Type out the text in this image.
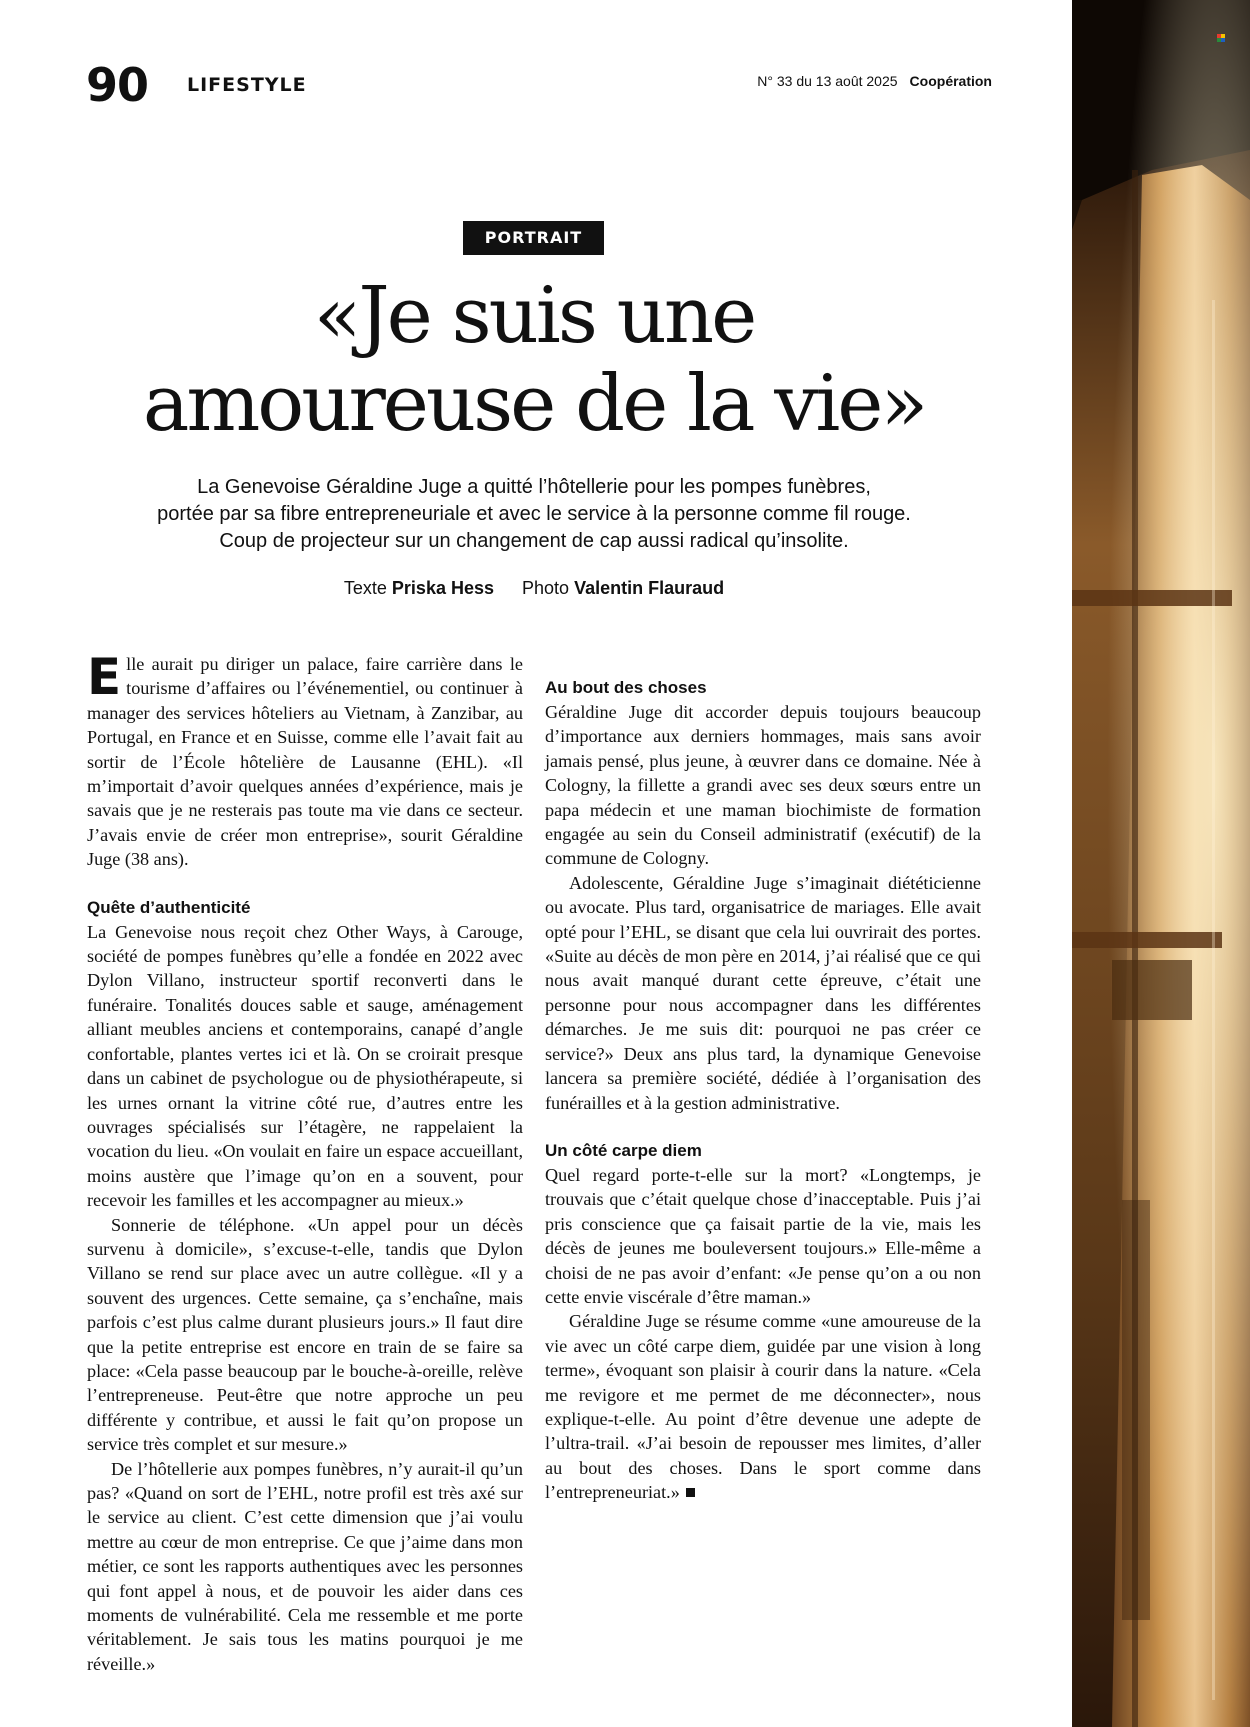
90 LIFESTYLE	N° 33 du 13 août 2025 Coopération
PORTRAIT
«Je suis une
amoureuse de la vie»

La Genevoise Géraldine Juge a quitté l’hôtellerie pour les pompes funèbres,
portée par sa fibre entrepreneuriale et avec le service à la personne comme fil rouge.
Coup de projecteur sur un changement de cap aussi radical qu’insolite.

Texte Priska Hess Photo Valentin Flauraud

Elle aurait pu diriger un palace, faire carrière dans le tourisme d’affaires ou l’événementiel, ou continuer à manager des services hôteliers au Vietnam, à Zanzibar, au Portugal, en France et en Suisse, comme elle l’avait fait au sortir de l’École hôtelière de Lausanne (EHL). «Il m’importait d’avoir quelques années d’expérience, mais je savais que je ne resterais pas toute ma vie dans ce secteur. J’avais envie de créer mon entreprise», sourit Géraldine Juge (38 ans).

Quête d’authenticité

La Genevoise nous reçoit chez Other Ways, à Carouge, société de pompes funèbres qu’elle a fondée en 2022 avec Dylon Villano, instructeur sportif reconverti dans le funéraire. Tonalités douces sable et sauge, aménagement alliant meubles anciens et contemporains, canapé d’angle confortable, plantes vertes ici et là. On se croirait presque dans un cabinet de psychologue ou de physiothérapeute, si les urnes ornant la vitrine côté rue, d’autres entre les ouvrages spécialisés sur l’étagère, ne rappelaient la vocation du lieu. «On voulait en faire un espace accueillant, moins austère que l’image qu’on en a souvent, pour recevoir les familles et les accompagner au mieux.»

Sonnerie de téléphone. «Un appel pour un décès survenu à domicile», s’excuse-t-elle, tandis que Dylon Villano se rend sur place avec un autre collègue. «Il y a souvent des urgences. Cette semaine, ça s’enchaîne, mais parfois c’est plus calme durant plusieurs jours.» Il faut dire que la petite entreprise est encore en train de se faire sa place: «Cela passe beaucoup par le bouche-à-oreille, relève l’entrepreneuse. Peut-être que notre approche un peu différente y contribue, et aussi le fait qu’on propose un service très complet et sur mesure.»

De l’hôtellerie aux pompes funèbres, n’y aurait-il qu’un pas? «Quand on sort de l’EHL, notre profil est très axé sur le service au client. C’est cette dimension que j’ai voulu mettre au cœur de mon entreprise. Ce que j’aime dans mon métier, ce sont les rapports authentiques avec les personnes qui font appel à nous, et de pouvoir les aider dans ces moments de vulnérabilité. Cela me ressemble et me porte véritablement. Je sais tous les matins pourquoi je me réveille.»

Au bout des choses

Géraldine Juge dit accorder depuis toujours beaucoup d’importance aux derniers hommages, mais sans avoir jamais pensé, plus jeune, à œuvrer dans ce domaine. Née à Cologny, la fillette a grandi avec ses deux sœurs entre un papa médecin et une maman biochimiste de formation engagée au sein du Conseil administratif (exécutif) de la commune de Cologny.

Adolescente, Géraldine Juge s’imaginait diététicienne ou avocate. Plus tard, organisatrice de mariages. Elle avait opté pour l’EHL, se disant que cela lui ouvrirait des portes. «Suite au décès de mon père en 2014, j’ai réalisé que ce qui nous avait manqué durant cette épreuve, c’était une personne pour nous accompagner dans les différentes démarches. Je me suis dit: pourquoi ne pas créer ce service?» Deux ans plus tard, la dynamique Genevoise lancera sa première société, dédiée à l’organisation des funérailles et à la gestion administrative.

Un côté carpe diem

Quel regard porte-t-elle sur la mort? «Longtemps, je trouvais que c’était quelque chose d’inacceptable. Puis j’ai pris conscience que ça faisait partie de la vie, mais les décès de jeunes me bouleversent toujours.» Elle-même a choisi de ne pas avoir d’enfant: «Je pense qu’on a ou non cette envie viscérale d’être maman.»

Géraldine Juge se résume comme «une amoureuse de la vie avec un côté carpe diem, guidée par une vision à long terme», évoquant son plaisir à courir dans la nature. «Cela me revigore et me permet de me déconnecter», nous explique-t-elle. Au point d’être devenue une adepte de l’ultra-trail. «J’ai besoin de repousser mes limites, d’aller au bout des choses. Dans le sport comme dans l’entrepreneuriat.»
